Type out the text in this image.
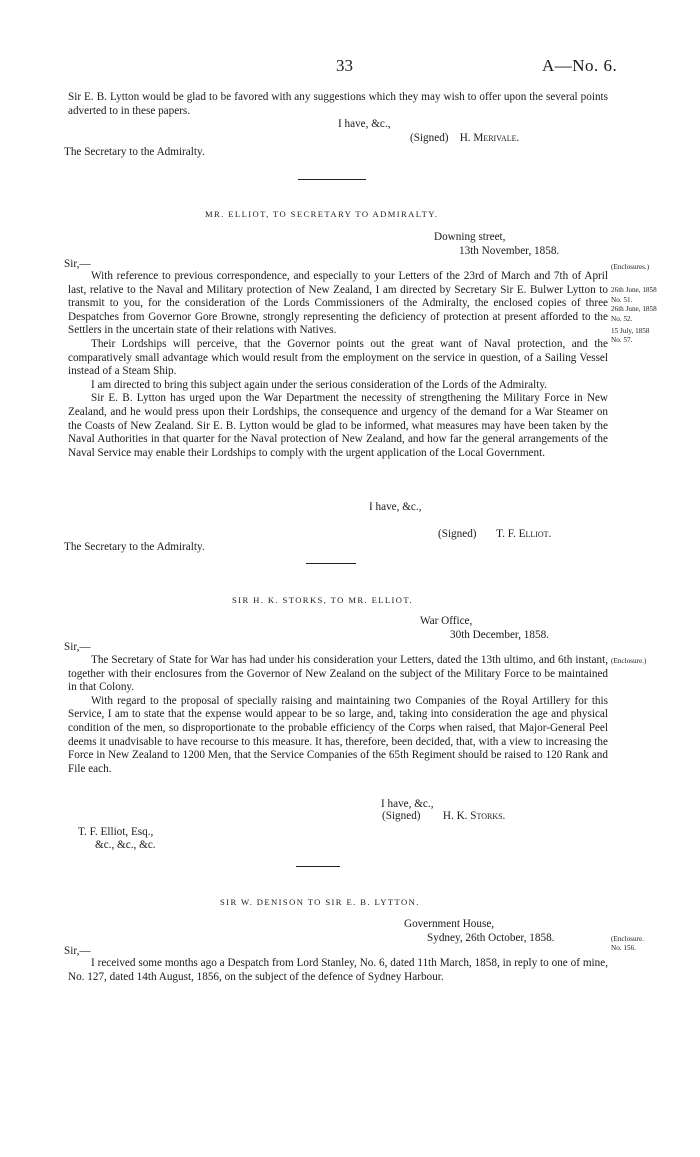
33	A—No. 6.

Sir E. B. Lytton would be glad to be favored with any suggestions which they may wish to offer upon the several points adverted to in these papers.

I have, &c.,
(Signed) H. Merivale.
The Secretary to the Admiralty.
MR. ELLIOT, TO SECRETARY TO ADMIRALTY.
Downing street,
13th November, 1858.
Sir,—

With reference to previous correspondence, and especially to your Letters of the 23rd of March and 7th of April last, relative to the Naval and Military protection of New Zealand, I am directed by Secretary Sir E. Bulwer Lytton to transmit to you, for the consideration of the Lords Commissioners of the Admiralty, the enclosed copies of three Despatches from Governor Gore Browne, strongly representing the deficiency of protection at present afforded to the Settlers in the uncertain state of their relations with Natives.

Their Lordships will perceive, that the Governor points out the great want of Naval protection, and the comparatively small advantage which would result from the employment on the service in question, of a Sailing Vessel instead of a Steam Ship.

I am directed to bring this subject again under the serious consideration of the Lords of the Admiralty.

Sir E. B. Lytton has urged upon the War Department the necessity of strengthening the Military Force in New Zealand, and he would press upon their Lordships, the consequence and urgency of the demand for a War Steamer on the Coasts of New Zealand. Sir E. B. Lytton would be glad to be informed, what measures may have been taken by the Naval Authorities in that quarter for the Naval protection of New Zealand, and how far the general arrangements of the Naval Service may enable their Lordships to comply with the urgent application of the Local Government.

(Enclosures.)
26th June, 1858
No. 51.
26th June, 1858
No. 52.
15 July, 1858
No. 57.
I have, &c.,
(Signed) T. F. Elliot.
The Secretary to the Admiralty.
SIR H. K. STORKS, TO MR. ELLIOT.
War Office,
30th December, 1858.
Sir,—

The Secretary of State for War has had under his consideration your Letters, dated the 13th ultimo, and 6th instant, together with their enclosures from the Governor of New Zealand on the subject of the Military Force to be maintained in that Colony.

With regard to the proposal of specially raising and maintaining two Companies of the Royal Artillery for this Service, I am to state that the expense would appear to be so large, and, taking into consideration the age and physical condition of the men, so disproportionate to the probable efficiency of the Corps when raised, that Major-General Peel deems it unadvisable to have recourse to this measure. It has, therefore, been decided, that, with a view to increasing the Force in New Zealand to 1200 Men, that the Service Companies of the 65th Regiment should be raised to 120 Rank and File each.

(Enclosure.)
I have, &c.,
(Signed) H. K. Storks.
T. F. Elliot, Esq.,
&c., &c., &c.
SIR W. DENISON TO SIR E. B. LYTTON.
Government House,
Sydney, 26th October, 1858.
Sir,—

I received some months ago a Despatch from Lord Stanley, No. 6, dated 11th March, 1858, in reply to one of mine, No. 127, dated 14th August, 1856, on the subject of the defence of Sydney Harbour.

(Enclosure.
No. 156.
